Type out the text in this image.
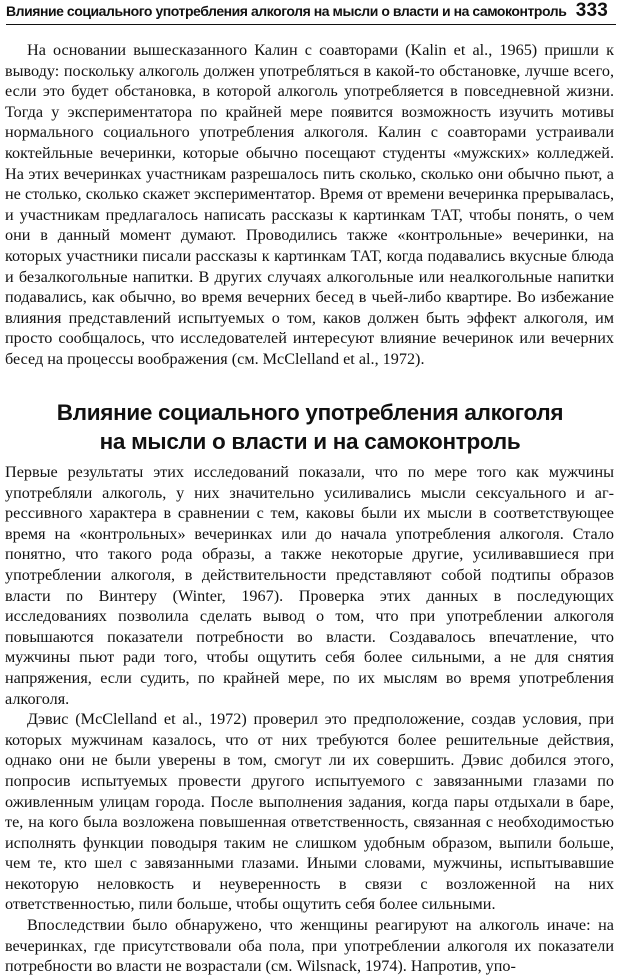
Влияние социального употребления алкоголя на мысли о власти и на самоконтроль 333

На основании вышесказанного Калин с соавторами (Kalin et al., 1965) пришли к выводу: поскольку алкоголь должен употребляться в какой-то обстановке, лучше всего, если это будет обстановка, в которой алкоголь употребляется в повседневной жизни. Тогда у экспериментатора по крайней мере появится возможность изучить мотивы нормального социального употребления алкоголя. Калин с соавторами устраивали коктейльные вечеринки, которые обычно посещают студенты «мужских» колледжей. На этих вечеринках участникам разрешалось пить сколько, сколько они обычно пьют, а не столько, сколько скажет экспериментатор. Время от времени вечеринка прерывалась, и участникам предлагалось написать рассказы к картинкам ТАТ, чтобы понять, о чем они в данный момент думают. Проводились также «контрольные» вечеринки, на которых участники писали рассказы к картинкам ТАТ, когда подавались вкусные блюда и безалкогольные напитки. В других случаях алкогольные или неалкогольные напитки подавались, как обычно, во время вечерних бесед в чьей-либо квартире. Во избежание влияния представлений испытуемых о том, каков должен быть эффект алкоголя, им просто сообщалось, что исследователей интересуют влияние вечеринок или вечерних бесед на процессы воображения (см. McClelland et al., 1972).

Влияние социального употребления алкоголя
на мысли о власти и на самоконтроль

Первые результаты этих исследований показали, что по мере того как мужчины употребляли алкоголь, у них значительно усиливались мысли сексуального и агрессивного характера в сравнении с тем, каковы были их мысли в соответствующее время на «контрольных» вечеринках или до начала употребления алкоголя. Стало понятно, что такого рода образы, а также некоторые другие, усиливавшиеся при употреблении алкоголя, в действительности представляют собой подтипы образов власти по Винтеру (Winter, 1967). Проверка этих данных в последующих исследованиях позволила сделать вывод о том, что при употреблении алкоголя повышаются показатели потребности во власти. Создавалось впечатление, что мужчины пьют ради того, чтобы ощутить себя более сильными, а не для снятия напряжения, если судить, по крайней мере, по их мыслям во время употребления алкоголя.

Дэвис (McClelland et al., 1972) проверил это предположение, создав условия, при которых мужчинам казалось, что от них требуются более решительные действия, однако они не были уверены в том, смогут ли их совершить. Дэвис добился этого, попросив испытуемых провести другого испытуемого с завязанными глазами по оживленным улицам города. После выполнения задания, когда пары отдыхали в баре, те, на кого была возложена повышенная ответственность, связанная с необходимостью исполнять функции поводыря таким не слишком удобным образом, выпили больше, чем те, кто шел с завязанными глазами. Иными словами, мужчины, испытывавшие некоторую неловкость и неуверенность в связи с возложенной на них ответственностью, пили больше, чтобы ощутить себя более сильными.

Впоследствии было обнаружено, что женщины реагируют на алкоголь иначе: на вечеринках, где присутствовали оба пола, при употреблении алкоголя их показатели потребности во власти не возрастали (см. Wilsnack, 1974). Напротив, упо-
